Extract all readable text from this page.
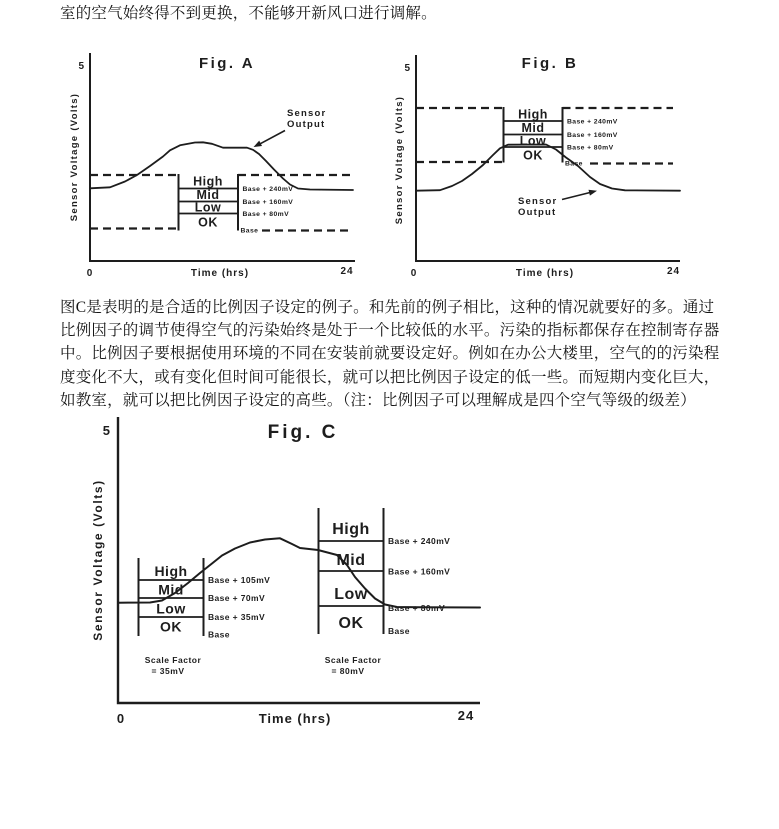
室的空气始终得不到更换，不能够开新风口进行调解。
Fig. A
5
Sensor Voltage (Volts)
0	Time (hrs)	24
High
Mid
Low
OK
Base + 240mV
Base + 160mV
Base + 80mV
Base
Sensor
Output
Fig. B
5
Sensor Voltage (Volts)
0	Time (hrs)	24
High
Mid
Low
OK
Base + 240mV
Base + 160mV
Base + 80mV
Base
Sensor
Output
图C是表明的是合适的比例因子设定的例子。和先前的例子相比，这种的情况就要好的多。通过
比例因子的调节使得空气的污染始终是处于一个比较低的水平。污染的指标都保存在控制寄存器
中。比例因子要根据使用环境的不同在安装前就要设定好。例如在办公大楼里，空气的的污染程
度变化不大，或有变化但时间可能很长，就可以把比例因子设定的低一些。而短期内变化巨大，
如教室，就可以把比例因子设定的高些。（注：比例因子可以理解成是四个空气等级的级差）
Fig. C
5
Sensor Voltage (Volts)
0	Time (hrs)	24
High
Mid
Low
OK
Base + 105mV
Base + 70mV
Base + 35mV
Base
Scale Factor
= 35mV
High
Mid
Low
OK
Base + 240mV
Base + 160mV
Base + 80mV
Base
Scale Factor
= 80mV
